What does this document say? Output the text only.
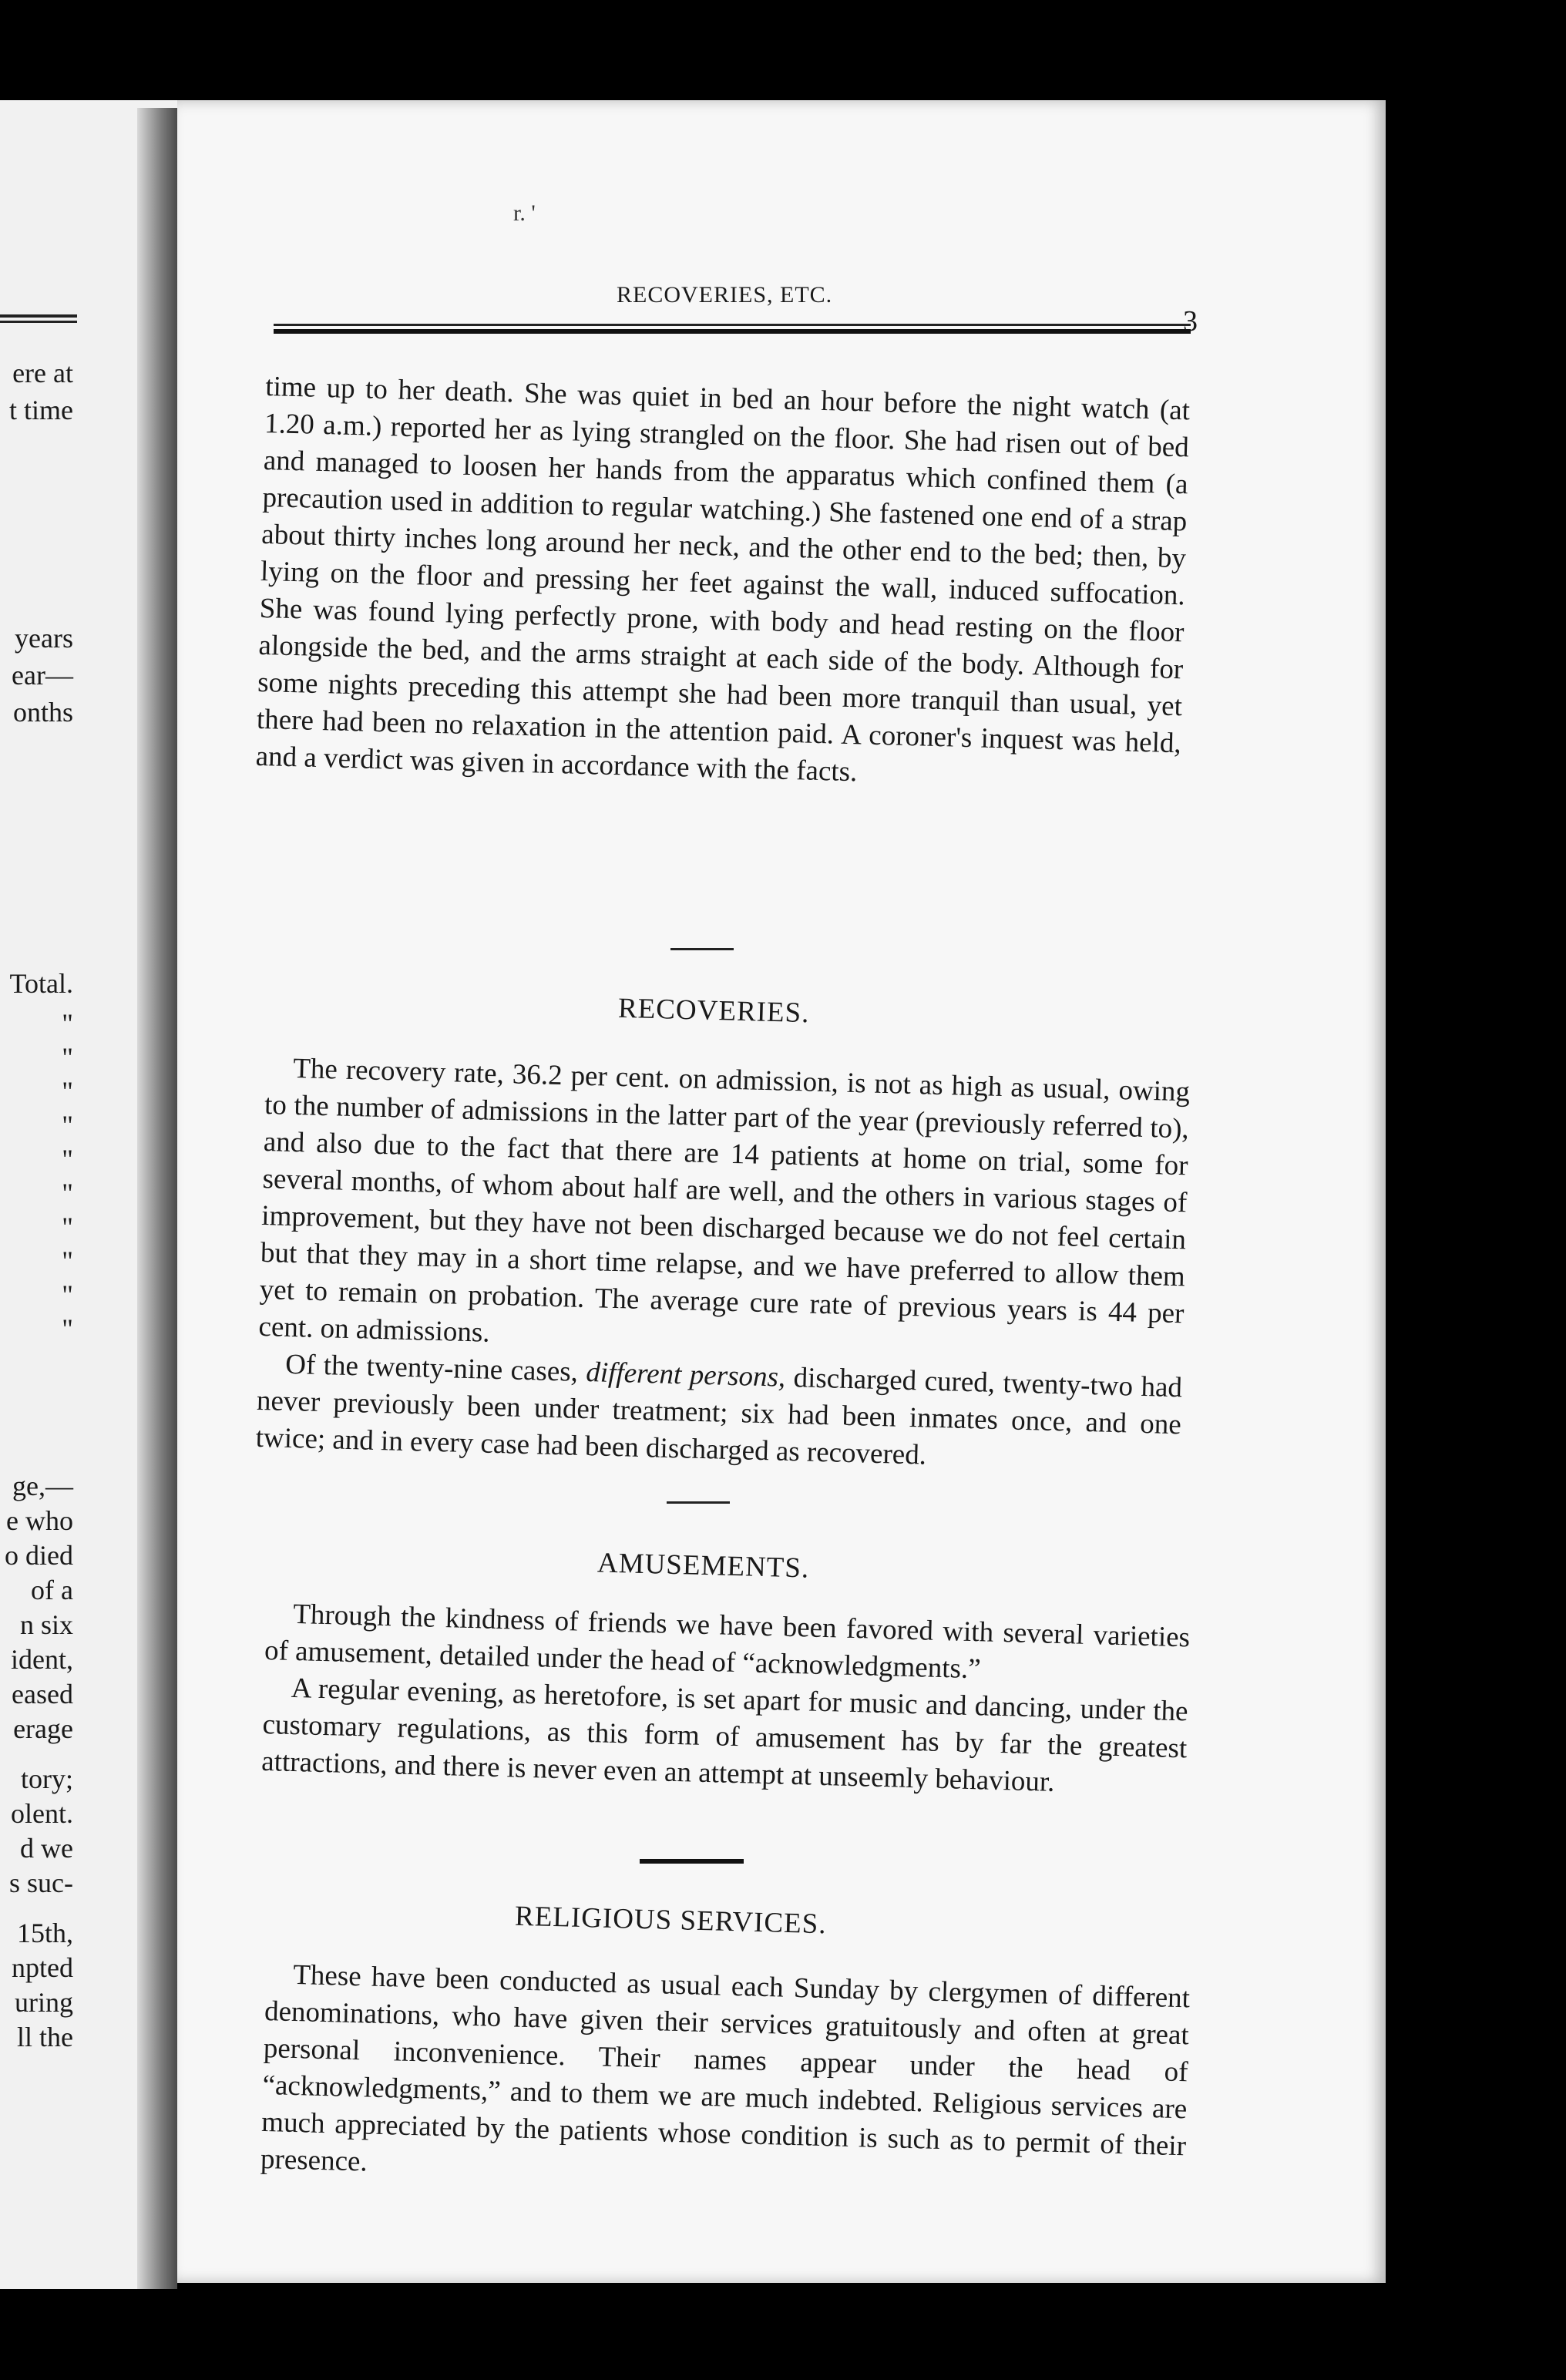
ere at
t time
years
ear—
onths
Total.
"
"
"
"
"
"
"
"
"
"
ge,—
e who
o died
of a
n six
ident,
eased
erage
tory;
olent.
d we
s suc-
15th,
npted
uring
ll the
r. '
RECOVERIES, ETC.
3

time up to her death. She was quiet in bed an hour before the night watch (at 1.20 a.m.) reported her as lying strangled on the floor. She had risen out of bed and managed to loosen her hands from the apparatus which confined them (a precaution used in addition to regular watching.) She fastened one end of a strap about thirty inches long around her neck, and the other end to the bed; then, by lying on the floor and pressing her feet against the wall, induced suffocation. She was found lying perfectly prone, with body and head resting on the floor alongside the bed, and the arms straight at each side of the body. Although for some nights preceding this attempt she had been more tranquil than usual, yet there had been no relaxation in the attention paid. A coroner's inquest was held, and a verdict was given in accordance with the facts.

RECOVERIES.

The recovery rate, 36.2 per cent. on admission, is not as high as usual, owing to the number of admissions in the latter part of the year (previously referred to), and also due to the fact that there are 14 patients at home on trial, some for several months, of whom about half are well, and the others in various stages of improvement, but they have not been discharged because we do not feel certain but that they may in a short time relapse, and we have preferred to allow them yet to remain on probation. The average cure rate of previous years is 44 per cent. on admissions.

Of the twenty-nine cases, different persons, discharged cured, twenty-two had never previously been under treatment; six had been inmates once, and one twice; and in every case had been discharged as recovered.

AMUSEMENTS.

Through the kindness of friends we have been favored with several varieties of amusement, detailed under the head of “acknowledgments.”

A regular evening, as heretofore, is set apart for music and dancing, under the customary regulations, as this form of amusement has by far the greatest attractions, and there is never even an attempt at unseemly behaviour.

RELIGIOUS SERVICES.

These have been conducted as usual each Sunday by clergymen of different denominations, who have given their services gratuitously and often at great personal inconvenience. Their names appear under the head of “acknowledgments,” and to them we are much indebted. Religious services are much appreciated by the patients whose condition is such as to permit of their presence.
